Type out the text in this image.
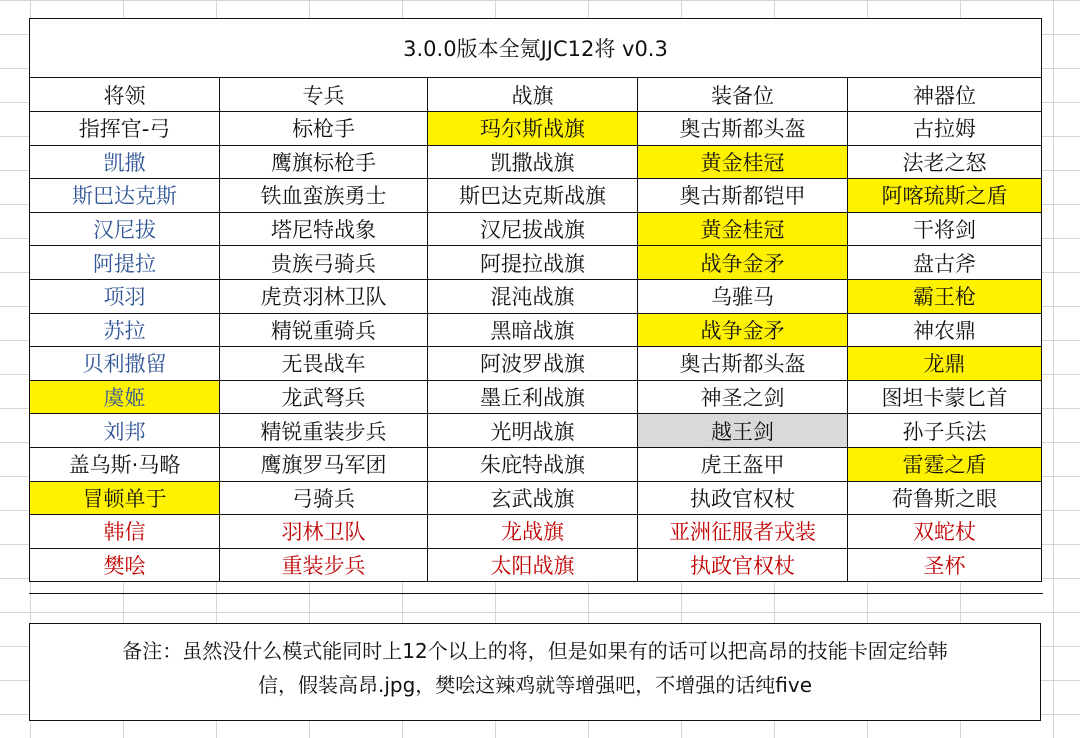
3.0.0版本全氪JJC12将 v0.3				
将领	专兵	战旗	装备位	神器位
指挥官-弓	标枪手	玛尔斯战旗	奥古斯都头盔	古拉姆
凯撒	鹰旗标枪手	凯撒战旗	黄金桂冠	法老之怒
斯巴达克斯	铁血蛮族勇士	斯巴达克斯战旗	奥古斯都铠甲	阿喀琉斯之盾
汉尼拔	塔尼特战象	汉尼拔战旗	黄金桂冠	干将剑
阿提拉	贵族弓骑兵	阿提拉战旗	战争金矛	盘古斧
项羽	虎贲羽林卫队	混沌战旗	乌骓马	霸王枪
苏拉	精锐重骑兵	黑暗战旗	战争金矛	神农鼎
贝利撒留	无畏战车	阿波罗战旗	奥古斯都头盔	龙鼎
虞姬	龙武弩兵	墨丘利战旗	神圣之剑	图坦卡蒙匕首
刘邦	精锐重装步兵	光明战旗	越王剑	孙子兵法
盖乌斯·马略	鹰旗罗马军团	朱庇特战旗	虎王盔甲	雷霆之盾
冒顿单于	弓骑兵	玄武战旗	执政官权杖	荷鲁斯之眼
韩信	羽林卫队	龙战旗	亚洲征服者戎装	双蛇杖
樊哙	重装步兵	太阳战旗	执政官权杖	圣杯
备注：虽然没什么模式能同时上12个以上的将，但是如果有的话可以把高昂的技能卡固定给韩
信，假装高昂.jpg，樊哙这辣鸡就等增强吧，不增强的话纯five
